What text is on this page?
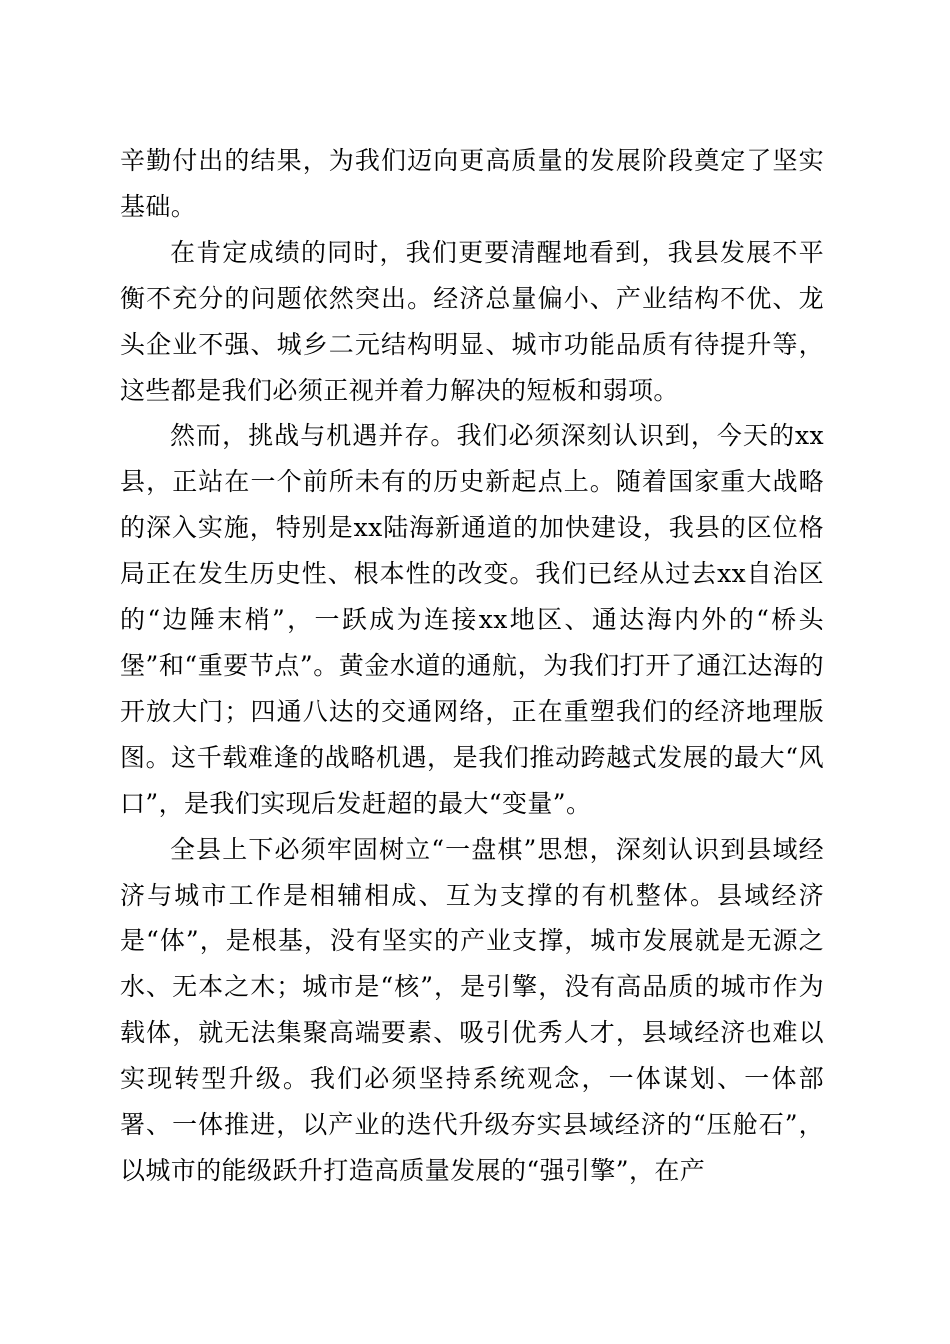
辛勤付出的结果，为我们迈向更高质量的发展阶段奠定了坚实基础。

在肯定成绩的同时，我们更要清醒地看到，我县发展不平衡不充分的问题依然突出。经济总量偏小、产业结构不优、龙头企业不强、城乡二元结构明显、城市功能品质有待提升等，这些都是我们必须正视并着力解决的短板和弱项。

然而，挑战与机遇并存。我们必须深刻认识到，今天的xx县，正站在一个前所未有的历史新起点上。随着国家重大战略的深入实施，特别是xx陆海新通道的加快建设，我县的区位格局正在发生历史性、根本性的改变。我们已经从过去xx自治区的“边陲末梢”，一跃成为连接xx地区、通达海内外的“桥头堡”和“重要节点”。黄金水道的通航，为我们打开了通江达海的开放大门；四通八达的交通网络，正在重塑我们的经济地理版图。这千载难逢的战略机遇，是我们推动跨越式发展的最大“风口”，是我们实现后发赶超的最大“变量”。

全县上下必须牢固树立“一盘棋”思想，深刻认识到县域经济与城市工作是相辅相成、互为支撑的有机整体。县域经济是“体”，是根基，没有坚实的产业支撑，城市发展就是无源之水、无本之木；城市是“核”，是引擎，没有高品质的城市作为载体，就无法集聚高端要素、吸引优秀人才，县域经济也难以实现转型升级。我们必须坚持系统观念，一体谋划、一体部署、一体推进，以产业的迭代升级夯实县域经济的“压舱石”，以城市的能级跃升打造高质量发展的“强引擎”，在产
